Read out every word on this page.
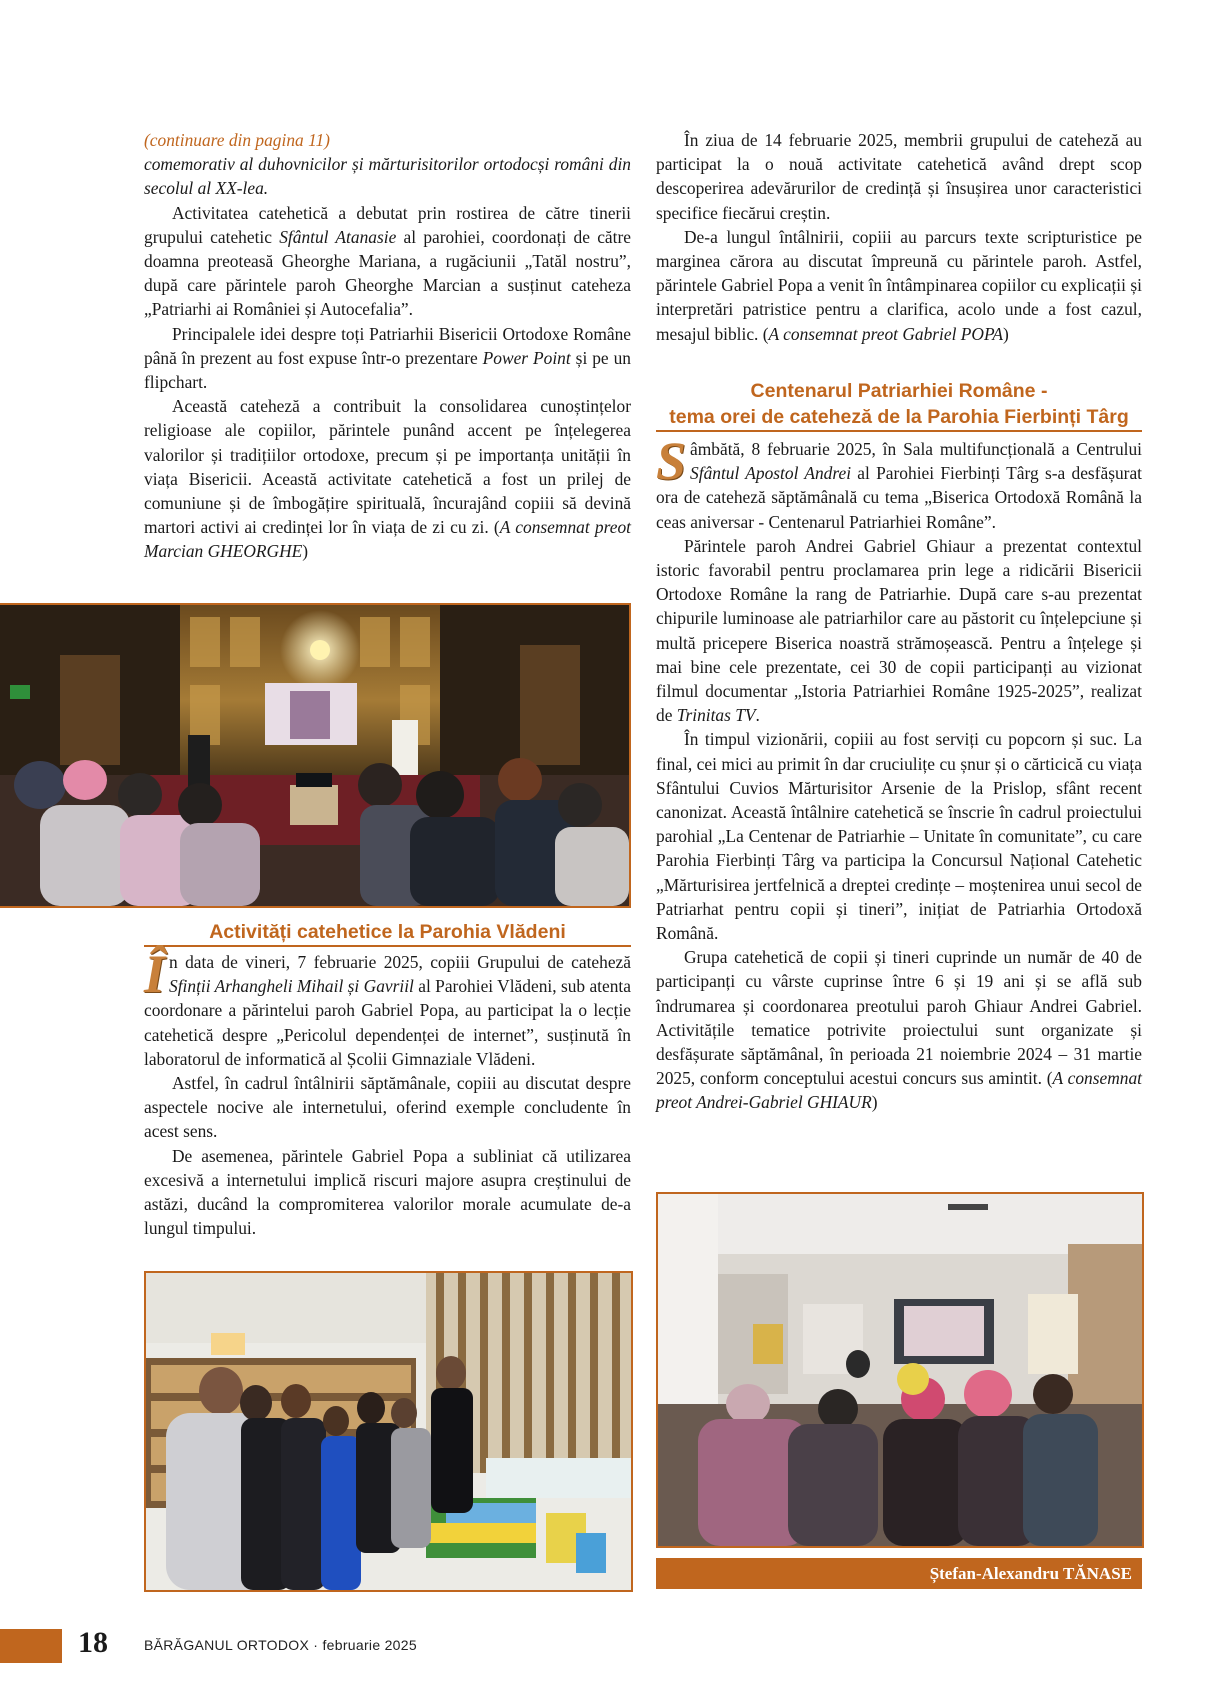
(continuare din pagina 11)

comemorativ al duhovnicilor și mărturisitorilor ortodocși români din secolul al XX-lea.

Activitatea catehetică a debutat prin rostirea de către tinerii grupului catehetic Sfântul Atanasie al parohiei, coordonați de către doamna preoteasă Gheorghe Mariana, a rugăciunii „Tatăl nostru”, după care părintele paroh Gheorghe Marcian a susținut cateheza „Patriarhi ai României și Autocefalia”.

Principalele idei despre toți Patriarhii Bisericii Ortodoxe Române până în prezent au fost expuse într-o prezentare Power Point și pe un flipchart.

Această cateheză a contribuit la consolidarea cunoștințelor religioase ale copiilor, părintele punând accent pe înțelegerea valorilor și tradițiilor ortodoxe, precum și pe importanța unității în viața Bisericii. Această activitate catehetică a fost un prilej de comuniune și de îmbogățire spirituală, încurajând copiii să devină martori activi ai credinței lor în viața de zi cu zi. (A consemnat preot Marcian GHEORGHE)

Activități catehetice la Parohia Vlădeni

În data de vineri, 7 februarie 2025, copiii Grupului de cateheză Sfinții Arhangheli Mihail și Gavriil al Parohiei Vlădeni, sub atenta coordonare a părintelui paroh Gabriel Popa, au participat la o lecție catehetică despre „Pericolul dependenței de internet”, susținută în laboratorul de informatică al Școlii Gimnaziale Vlădeni.

Astfel, în cadrul întâlnirii săptămânale, copiii au discutat despre aspectele nocive ale internetului, oferind exemple concludente în acest sens.

De asemenea, părintele Gabriel Popa a subliniat că utilizarea excesivă a internetului implică riscuri majore asupra creștinului de astăzi, ducând la compromiterea valorilor morale acumulate de-a lungul timpului.

În ziua de 14 februarie 2025, membrii grupului de cateheză au participat la o nouă activitate catehetică având drept scop descoperirea adevărurilor de credință și însușirea unor caracteristici specifice fiecărui creștin.

De-a lungul întâlnirii, copiii au parcurs texte scripturistice pe marginea cărora au discutat împreună cu părintele paroh. Astfel, părintele Gabriel Popa a venit în întâmpinarea copiilor cu explicații și interpretări patristice pentru a clarifica, acolo unde a fost cazul, mesajul biblic. (A consemnat preot Gabriel POPA)

Centenarul Patriarhiei Române -
tema orei de cateheză de la Parohia Fierbinți Târg

Sâmbătă, 8 februarie 2025, în Sala multifuncțională a Centrului Sfântul Apostol Andrei al Parohiei Fierbinți Târg s-a desfășurat ora de cateheză săptămânală cu tema „Biserica Ortodoxă Română la ceas aniversar - Centenarul Patriarhiei Române”.

Părintele paroh Andrei Gabriel Ghiaur a prezentat contextul istoric favorabil pentru proclamarea prin lege a ridicării Bisericii Ortodoxe Române la rang de Patriarhie. După care s-au prezentat chipurile luminoase ale patriarhilor care au păstorit cu înțelepciune și multă pricepere Biserica noastră strămoșească. Pentru a înțelege și mai bine cele prezentate, cei 30 de copii participanți au vizionat filmul documentar „Istoria Patriarhiei Române 1925-2025”, realizat de Trinitas TV.

În timpul vizionării, copiii au fost serviți cu popcorn și suc. La final, cei mici au primit în dar cruciulițe cu șnur și o cărticică cu viața Sfântului Cuvios Mărturisitor Arsenie de la Prislop, sfânt recent canonizat. Această întâlnire catehetică se înscrie în cadrul proiectului parohial „La Centenar de Patriarhie – Unitate în comunitate”, cu care Parohia Fierbinți Târg va participa la Concursul Național Catehetic „Mărturisirea jertfelnică a dreptei credințe – moștenirea unui secol de Patriarhat pentru copii și tineri”, inițiat de Patriarhia Ortodoxă Română.

Grupa catehetică de copii și tineri cuprinde un număr de 40 de participanți cu vârste cuprinse între 6 și 19 ani și se află sub îndrumarea și coordonarea preotului paroh Ghiaur Andrei Gabriel. Activitățile tematice potrivite proiectului sunt organizate și desfășurate săptămânal, în perioada 21 noiembrie 2024 – 31 martie 2025, conform conceptului acestui concurs sus amintit. (A consemnat preot Andrei-Gabriel GHIAUR)

Ștefan-Alexandru TĂNASE
18	BĂRĂGANUL ORTODOX · februarie 2025
